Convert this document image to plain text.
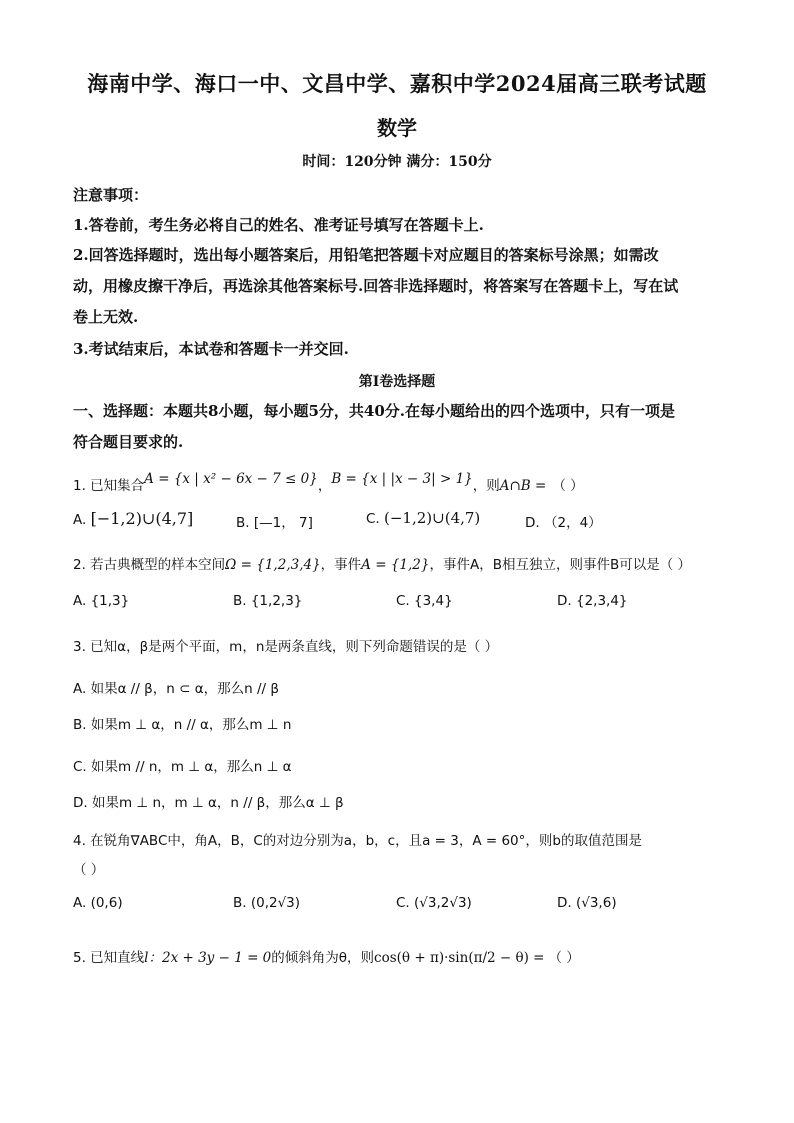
海南中学、海口一中、文昌中学、嘉积中学2024届高三联考试题
数学
时间：120分钟 满分：150分
注意事项：
1.答卷前，考生务必将自己的姓名、准考证号填写在答题卡上.
2.回答选择题时，选出每小题答案后，用铅笔把答题卡对应题目的答案标号涂黑；如需改
动，用橡皮擦干净后，再选涂其他答案标号.回答非选择题时，将答案写在答题卡上，写在试
卷上无效.
3.考试结束后，本试卷和答题卡一并交回.
第I卷选择题
一、选择题：本题共8小题，每小题5分，共40分.在每小题给出的四个选项中，只有一项是
符合题目要求的.
1. 已知集合A = {x | x² − 6x − 7 ≤ 0}，B = {x | |x − 3| > 1}，则A∩B = （ ）
A. [−1,2)∪(4,7]	B. [—1， 7]	C. (−1,2)∪(4,7)	D. （2，4）
2. 若古典概型的样本空间Ω = {1,2,3,4}，事件A = {1,2}，事件A，B相互独立，则事件B可以是（ ）
A. {1,3}	B. {1,2,3}	C. {3,4}	D. {2,3,4}
3. 已知α，β是两个平面，m，n是两条直线，则下列命题错误的是（ ）
A. 如果α // β，n ⊂ α，那么n // β
B. 如果m ⊥ α，n // α，那么m ⊥ n
C. 如果m // n，m ⊥ α，那么n ⊥ α
D. 如果m ⊥ n，m ⊥ α，n // β，那么α ⊥ β
4. 在锐角∇ABC中，角A，B，C的对边分别为a，b，c，且a = 3，A = 60°，则b的取值范围是
（ ）
A. (0,6)	B. (0,2√3)	C. (√3,2√3)	D. (√3,6)
5. 已知直线l：2x + 3y − 1 = 0的倾斜角为θ，则cos(θ + π)·sin(π/2 − θ) = （ ）
